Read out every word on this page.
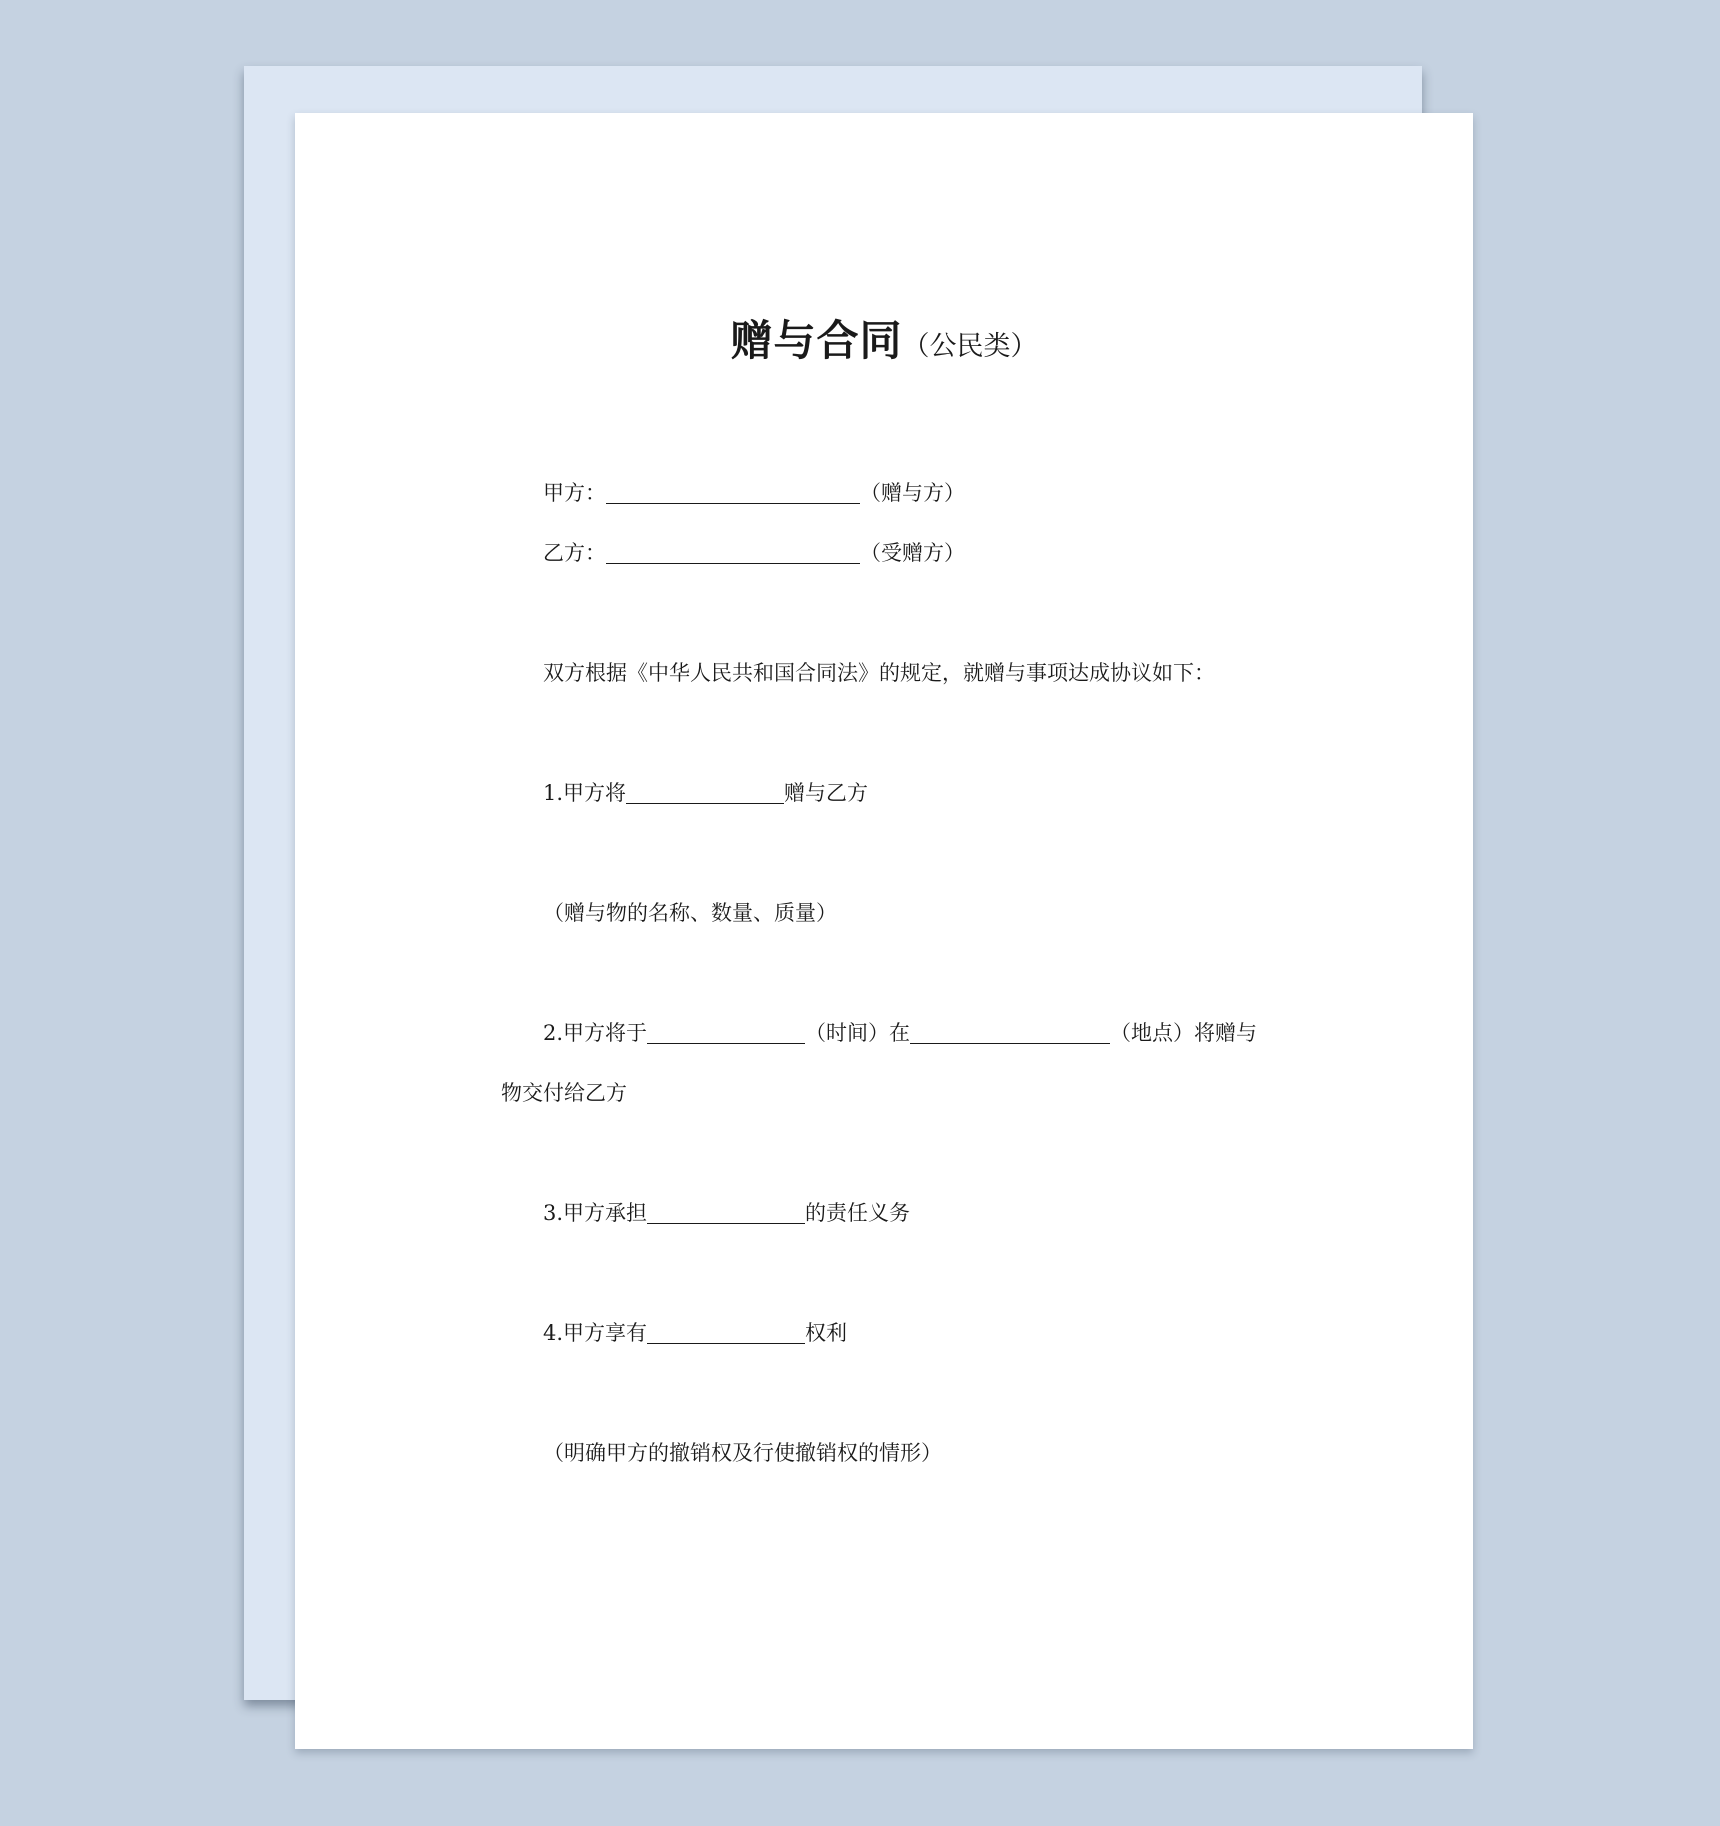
赠与合同（公民类）
甲方：	（赠与方）
乙方：	（受赠方）
双方根据《中华人民共和国合同法》的规定，就赠与事项达成协议如下：
1.甲方将	赠与乙方
（赠与物的名称、数量、质量）
2.甲方将于	（时间）在	（地点）将赠与
物交付给乙方
3.甲方承担	的责任义务
4.甲方享有	权利
（明确甲方的撤销权及行使撤销权的情形）
